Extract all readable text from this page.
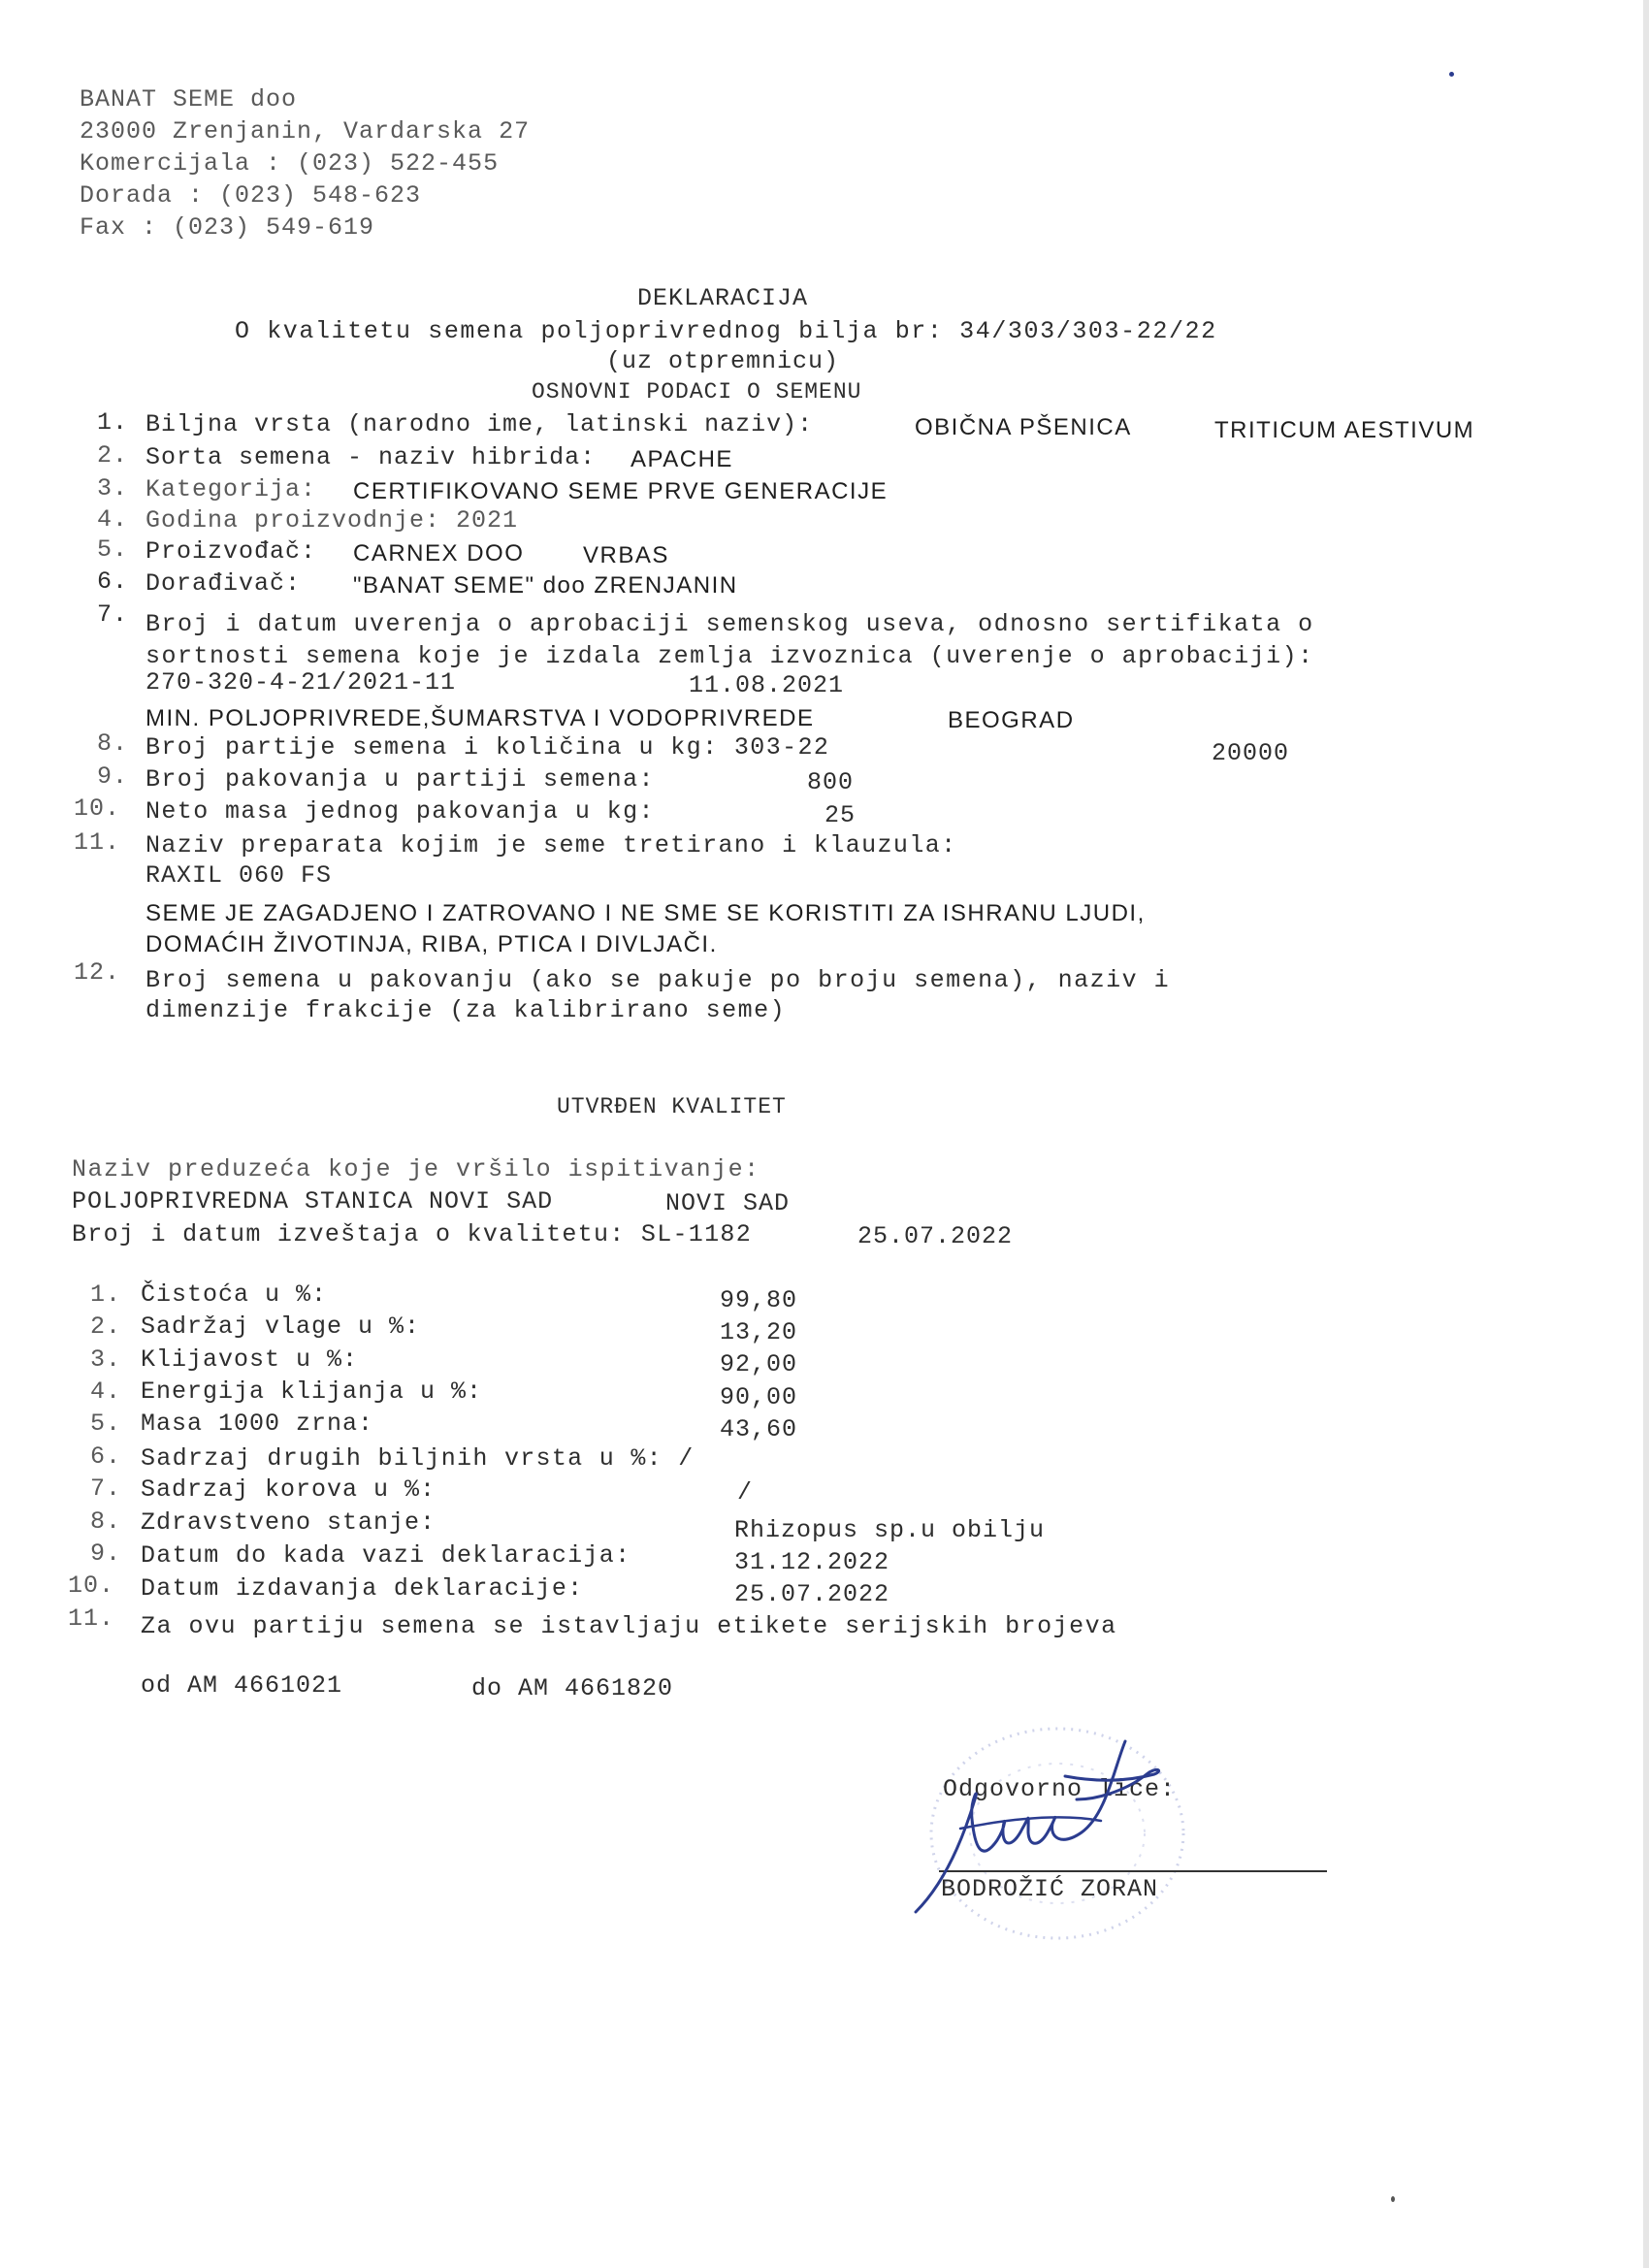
BANAT SEME doo
23000 Zrenjanin, Vardarska 27
Komercijala : (023) 522-455
Dorada : (023) 548-623
Fax : (023) 549-619
DEKLARACIJA
O kvalitetu semena poljoprivrednog bilja br: 34/303/303-22/22
(uz otpremnicu)
OSNOVNI PODACI O SEMENU
1. Biljna vrsta (narodno ime, latinski naziv):	OBIČNA PŠENICA	TRITICUM AESTIVUM
2. Sorta semena - naziv hibrida: APACHE
3. Kategorija: CERTIFIKOVANO SEME PRVE GENERACIJE
4. Godina proizvodnje: 2021
5. Proizvođač: CARNEX DOO	VRBAS
6. Dorađivač: "BANAT SEME" doo ZRENJANIN
7. Broj i datum uverenja o aprobaciji semenskog useva, odnosno sertifikata o
sortnosti semena koje je izdala zemlja izvoznica (uverenje o aprobaciji):
270-320-4-21/2021-11	11.08.2021
MIN. POLJOPRIVREDE,ŠUMARSTVA I VODOPRIVREDE	BEOGRAD
8. Broj partije semena i količina u kg: 303-22	20000
9. Broj pakovanja u partiji semena:	800
10. Neto masa jednog pakovanja u kg:	25
11. Naziv preparata kojim je seme tretirano i klauzula:
RAXIL 060 FS
SEME JE ZAGADJENO I ZATROVANO I NE SME SE KORISTITI ZA ISHRANU LJUDI,
DOMAĆIH ŽIVOTINJA, RIBA, PTICA I DIVLJAČI.
12. Broj semena u pakovanju (ako se pakuje po broju semena), naziv i
dimenzije frakcije (za kalibrirano seme)
UTVRĐEN KVALITET
Naziv preduzeća koje je vršilo ispitivanje:
POLJOPRIVREDNA STANICA NOVI SAD	NOVI SAD
Broj i datum izveštaja o kvalitetu: SL-1182	25.07.2022
1. Čistoća u %:	99,80
2. Sadržaj vlage u %:	13,20
3. Klijavost u %:	92,00
4. Energija klijanja u %:	90,00
5. Masa 1000 zrna:	43,60
6. Sadrzaj drugih biljnih vrsta u %: /
7. Sadrzaj korova u %:	/
8. Zdravstveno stanje:	Rhizopus sp.u obilju
9. Datum do kada vazi deklaracija:	31.12.2022
10. Datum izdavanja deklaracije:	25.07.2022
11. Za ovu partiju semena se istavljaju etikete serijskih brojeva
od AM 4661021	do AM 4661820
Odgovorno lice:
BODROŽIĆ ZORAN
